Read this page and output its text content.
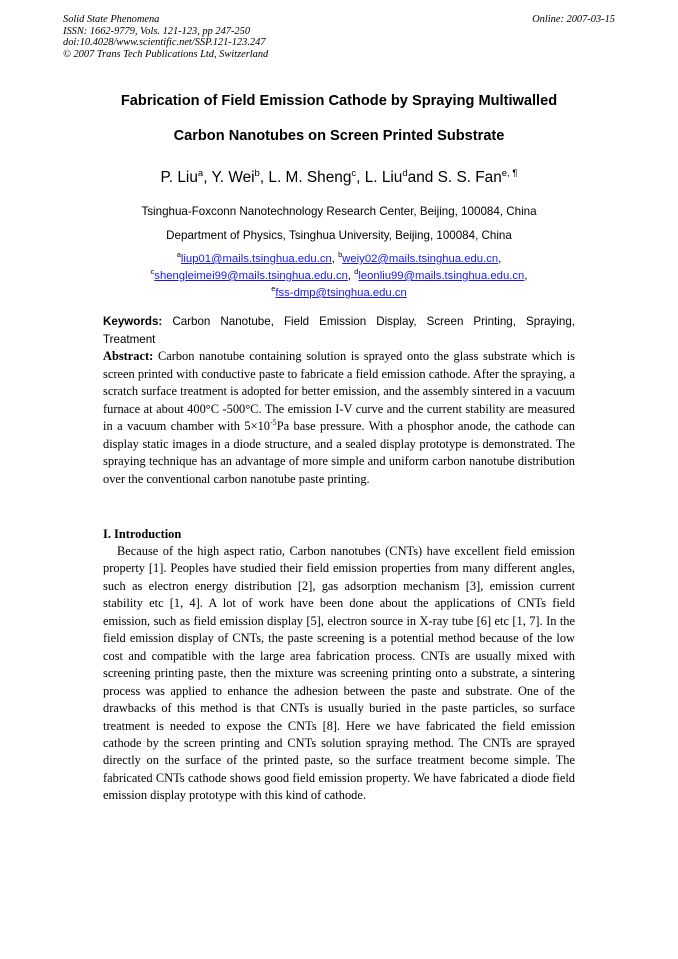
Solid State Phenomena
ISSN: 1662-9779, Vols. 121-123, pp 247-250
doi:10.4028/www.scientific.net/SSP.121-123.247
© 2007 Trans Tech Publications Ltd, Switzerland
Online: 2007-03-15
Fabrication of Field Emission Cathode by Spraying Multiwalled
Carbon Nanotubes on Screen Printed Substrate
P. Liu$^a$, Y. Wei$^b$, L. M. Sheng$^c$, L. Liu$^d$and S. S. Fan$^{e, \P}$
Tsinghua-Foxconn Nanotechnology Research Center, Beijing, 100084, China
Department of Physics, Tsinghua University, Beijing, 100084, China
$^a$liup01@mails.tsinghua.edu.cn, $^b$weiy02@mails.tsinghua.edu.cn,
$^c$shengleimei99@mails.tsinghua.edu.cn, $^d$leonliu99@mails.tsinghua.edu.cn,
$^e$fss-dmp@tsinghua.edu.cn
Keywords: Carbon Nanotube, Field Emission Display, Screen Printing, Spraying, Treatment
Abstract: Carbon nanotube containing solution is sprayed onto the glass substrate which is screen printed with conductive paste to fabricate a field emission cathode. After the spraying, a scratch surface treatment is adopted for better emission, and the assembly sintered in a vacuum furnace at about 400°C -500°C. The emission I-V curve and the current stability are measured in a vacuum chamber with $5\times 10^{-5}Pa$ base pressure. With a phosphor anode, the cathode can display static images in a diode structure, and a sealed display prototype is demonstrated. The spraying technique has an advantage of more simple and uniform carbon nanotube distribution over the conventional carbon nanotube paste printing.
I. Introduction
Because of the high aspect ratio, Carbon nanotubes (CNTs) have excellent field emission property [1]. Peoples have studied their field emission properties from many different angles, such as electron energy distribution [2], gas adsorption mechanism [3], emission current stability etc [1, 4]. A lot of work have been done about the applications of CNTs field emission, such as field emission display [5], electron source in X-ray tube [6] etc [1, 7]. In the field emission display of CNTs, the paste screening is a potential method because of the low cost and compatible with the large area fabrication process. CNTs are usually mixed with screening printing paste, then the mixture was screening printing onto a substrate, a sintering process was applied to enhance the adhesion between the paste and substrate. One of the drawbacks of this method is that CNTs is usually buried in the paste particles, so surface treatment is needed to expose the CNTs [8]. Here we have fabricated the field emission cathode by the screen printing and CNTs solution spraying method. The CNTs are sprayed directly on the surface of the printed paste, so the surface treatment become simple. The fabricated CNTs cathode shows good field emission property. We have fabricated a diode field emission display prototype with this kind of cathode.
